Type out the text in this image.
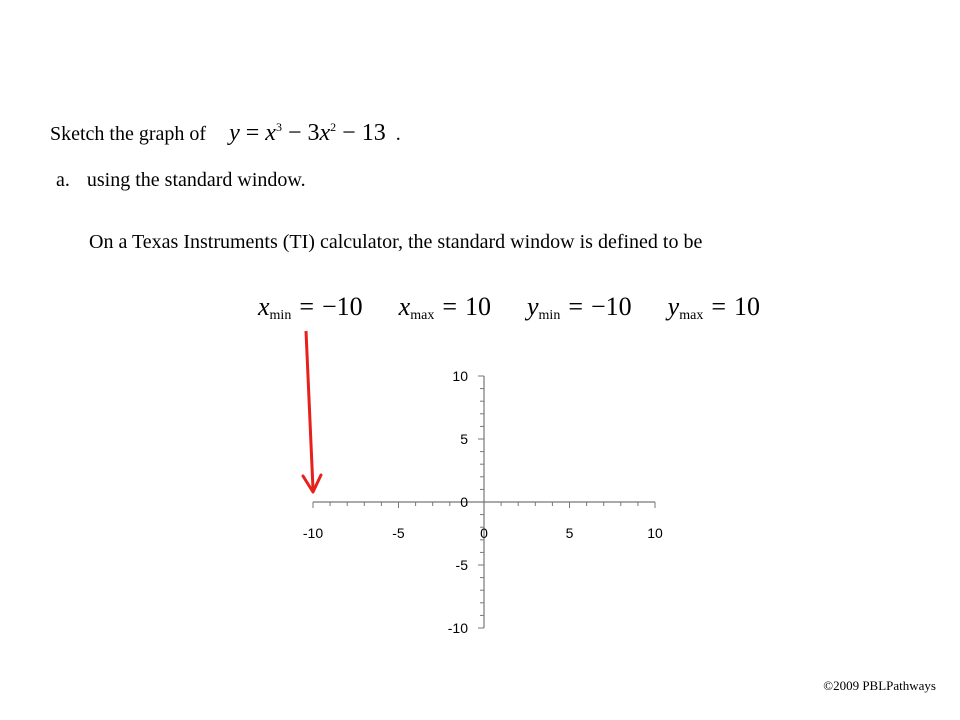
Sketch the graph of $y = x^3 - 3x^2 - 13$ .
a. using the standard window.
On a Texas Instruments (TI) calculator, the standard window is defined to be
$x_{min} = -10$ $x_{max} = 10$ $y_{min} = -10$ $y_{max} = 10$
-10	-5	0	5	10
10
5
0
-5
-10
©2009 PBLPathways
